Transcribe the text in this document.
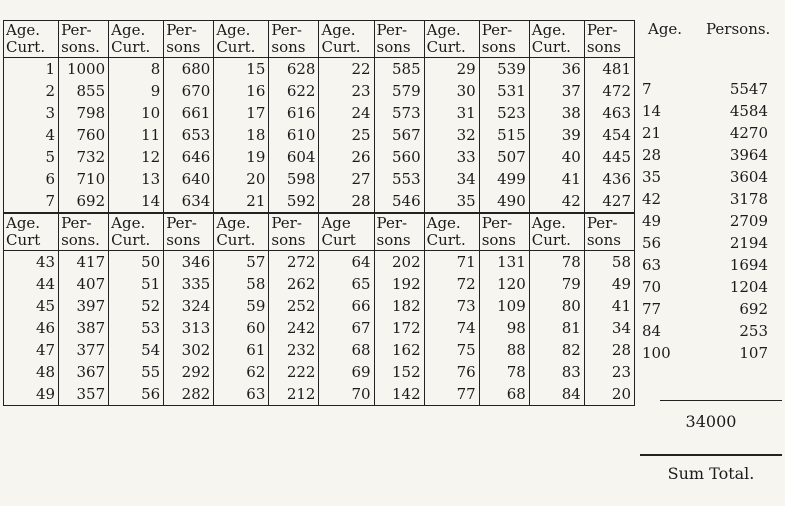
Age. Curt.	Per- sons.	Age. Curt.	Per- sons	Age. Curt.	Per- sons	Age. Curt.	Per- sons	Age. Curt.	Per- sons	Age. Curt.	Per- sons
1	1000	8	680	15	628	22	585	29	539	36	481
2	855	9	670	16	622	23	579	30	531	37	472
3	798	10	661	17	616	24	573	31	523	38	463
4	760	11	653	18	610	25	567	32	515	39	454
5	732	12	646	19	604	26	560	33	507	40	445
6	710	13	640	20	598	27	553	34	499	41	436
7	692	14	634	21	592	28	546	35	490	42	427
Age. Curt	Per- sons.	Age. Curt.	Per- sons	Age. Curt.	Per- sons	Age Curt	Per- sons	Age. Curt.	Per- sons	Age. Curt.	Per- sons
43	417	50	346	57	272	64	202	71	131	78	58
44	407	51	335	58	262	65	192	72	120	79	49
45	397	52	324	59	252	66	182	73	109	80	41
46	387	53	313	60	242	67	172	74	98	81	34
47	377	54	302	61	232	68	162	75	88	82	28
48	367	55	292	62	222	69	152	76	78	83	23
49	357	56	282	63	212	70	142	77	68	84	20
Age. Persons.
7	5547
14	4584
21	4270
28	3964
35	3604
42	3178
49	2709
56	2194
63	1694
70	1204
77	692
84	253
100	107
34000
Sum Total.
